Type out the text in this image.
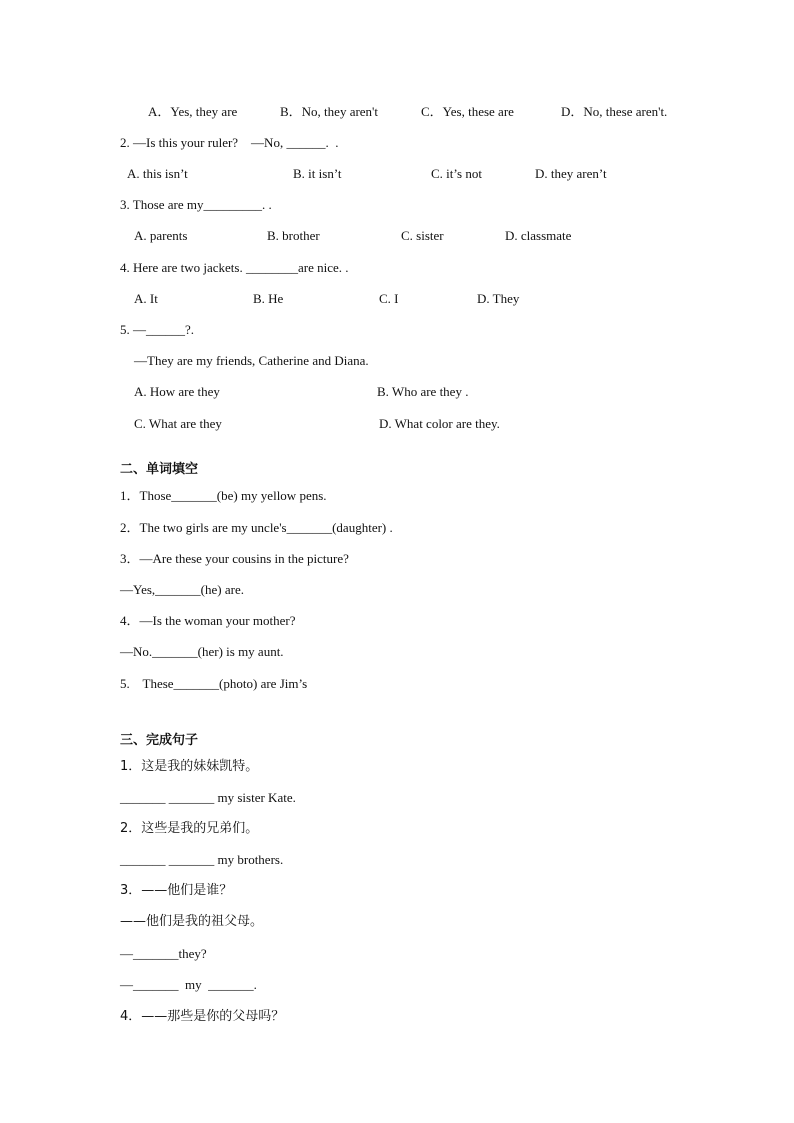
A．Yes, they are	B．No, they aren't	C．Yes, these are	D．No, these aren't.
2. —Is this your ruler?    —No, ______.  .
A. this isn’t	B. it isn’t	C. it’s not	D. they aren’t
3. Those are my_________. .
A. parents	B. brother	C. sister	D. classmate
4. Here are two jackets. ________are nice. .
A. It	B. He	C. I	D. They
5. —______?.
—They are my friends, Catherine and Diana.
A. How are they	B. Who are they .
C. What are they	D. What color are they.
二、单词填空
1．Those_______(be) my yellow pens.
2．The two girls are my uncle's_______(daughter) .
3．—Are these your cousins in the picture?
—Yes,_______(he) are.
4．—Is the woman your mother?
—No._______(her) is my aunt.
5.    These_______(photo) are Jim’s
三、完成句子
1．这是我的妹妹凯特。
_______ _______ my sister Kate.
2．这些是我的兄弟们。
_______ _______ my brothers.
3．——他们是谁？
——他们是我的祖父母。
—_______they?
—_______  my  _______.
4．——那些是你的父母吗？
